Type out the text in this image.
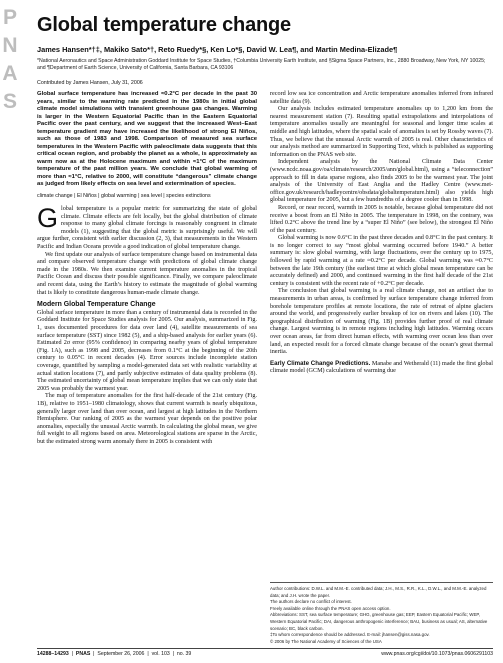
P
N
A
S
Global temperature change
James Hansen*†‡, Makiko Sato*†, Reto Ruedy*§, Ken Lo*§, David W. Lea¶, and Martin Medina-Elizade¶
*National Aeronautics and Space Administration Goddard Institute for Space Studies, †Columbia University Earth Institute, and §Sigma Space Partners, Inc., 2880 Broadway, New York, NY 10025; and ¶Department of Earth Science, University of California, Santa Barbara, CA 93106
Contributed by James Hansen, July 31, 2006
Global surface temperature has increased ≈0.2°C per decade in the past 30 years, similar to the warming rate predicted in the 1980s in initial global climate model simulations with transient greenhouse gas changes. Warming is larger in the Western Equatorial Pacific than in the Eastern Equatorial Pacific over the past century, and we suggest that the increased West–East temperature gradient may have increased the likelihood of strong El Niños, such as those of 1983 and 1998. Comparison of measured sea surface temperatures in the Western Pacific with paleoclimate data suggests that this critical ocean region, and probably the planet as a whole, is approximately as warm now as at the Holocene maximum and within ≈1°C of the maximum temperature of the past million years. We conclude that global warming of more than ≈1°C, relative to 2000, will constitute “dangerous” climate change as judged from likely effects on sea level and extermination of species.
climate change | El Niños | global warming | sea level | species extinctions

Global temperature is a popular metric for summarizing the state of global climate. Climate effects are felt locally, but the global distribution of climate response to many global climate forcings is reasonably congruent in climate models (1), suggesting that the global metric is surprisingly useful. We will argue further, consistent with earlier discussion (2, 3), that measurements in the Western Pacific and Indian Oceans provide a good indication of global temperature change.

We first update our analysis of surface temperature change based on instrumental data and compare observed temperature change with predictions of global climate change made in the 1980s. We then examine current temperature anomalies in the tropical Pacific Ocean and discuss their possible significance. Finally, we compare paleoclimate and recent data, using the Earth’s history to estimate the magnitude of global warming that is likely to constitute dangerous human-made climate change.

Modern Global Temperature Change

Global surface temperature in more than a century of instrumental data is recorded in the Goddard Institute for Space Studies analysis for 2005. Our analysis, summarized in Fig. 1, uses documented procedures for data over land (4), satellite measurements of sea surface temperature (SST) since 1982 (5), and a ship-based analysis for earlier years (6). Estimated 2σ error (95% confidence) in comparing nearby years of global temperature (Fig. 1A), such as 1998 and 2005, decreases from 0.1°C at the beginning of the 20th century to 0.05°C in recent decades (4). Error sources include incomplete station coverage, quantified by sampling a model-generated data set with realistic variability at actual station locations (7), and partly subjective estimates of data quality problems (8). The estimated uncertainty of global mean temperature implies that we can only state that 2005 was probably the warmest year.

The map of temperature anomalies for the first half-decade of the 21st century (Fig. 1B), relative to 1951–1980 climatology, shows that current warmth is nearly ubiquitous, generally larger over land than over ocean, and largest at high latitudes in the Northern Hemisphere. Our ranking of 2005 as the warmest year depends on the positive polar anomalies, especially the unusual Arctic warmth. In calculating the global mean, we give full weight to all regions based on area. Meteorological stations are sparse in the Arctic, but the estimated strong warm anomaly there in 2005 is consistent with

record low sea ice concentration and Arctic temperature anomalies inferred from infrared satellite data (9).

Our analysis includes estimated temperature anomalies up to 1,200 km from the nearest measurement station (7). Resulting spatial extrapolations and interpolations of temperature anomalies usually are meaningful for seasonal and longer time scales at middle and high latitudes, where the spatial scale of anomalies is set by Rossby waves (7). Thus, we believe that the unusual Arctic warmth of 2005 is real. Other characteristics of our analysis method are summarized in Supporting Text, which is published as supporting information on the PNAS web site.

Independent analysis by the National Climate Data Center (www.ncdc.noaa.gov/oa/climate/research/2005/ann/global.html), using a “teleconnection” approach to fill in data sparse regions, also finds 2005 to be the warmest year. The joint analysis of the University of East Anglia and the Hadley Centre (www.met-office.gov.uk/research/hadleycentre/obsdata/globaltemperature.html) also yields high global temperature for 2005, but a few hundredths of a degree cooler than in 1998.

Record, or near record, warmth in 2005 is notable, because global temperature did not receive a boost from an El Niño in 2005. The temperature in 1998, on the contrary, was lifted 0.2°C above the trend line by a “super El Niño” (see below), the strongest El Niño of the past century.

Global warming is now 0.6°C in the past three decades and 0.8°C in the past century. It is no longer correct to say “most global warming occurred before 1940.” A better summary is: slow global warming, with large fluctuations, over the century up to 1975, followed by rapid warming at a rate ≈0.2°C per decade. Global warming was ≈0.7°C between the late 19th century (the earliest time at which global mean temperature can be accurately defined) and 2000, and continued warming in the first half decade of the 21st century is consistent with the recent rate of +0.2°C per decade.

The conclusion that global warming is a real climate change, not an artifact due to measurements in urban areas, is confirmed by surface temperature change inferred from borehole temperature profiles at remote locations, the rate of retreat of alpine glaciers around the world, and progressively earlier breakup of ice on rivers and lakes (10). The geographical distribution of warming (Fig. 1B) provides further proof of real climate change. Largest warming is in remote regions including high latitudes. Warming occurs over ocean areas, far from direct human effects, with warming over ocean less than over land, an expected result for a forced climate change because of the ocean’s great thermal inertia.

Early Climate Change Predictions. Manabe and Wetherald (11) made the first global climate model (GCM) calculations of warming due

Author contributions: D.W.L. and M.M.-E. contributed data; J.H., M.S., R.R., K.L., D.W.L., and M.M.-E. analyzed data; and J.H. wrote the paper.
The authors declare no conflict of interest.
Freely available online through the PNAS open access option.
Abbreviations: SST, sea surface temperature; GHG, greenhouse gas; EEP, Eastern Equatorial Pacific; WEP, Western Equatorial Pacific; DAI, dangerous anthropogenic interference; BAU, business as usual; AS, alternative scenario; BC, black carbon.
‡To whom correspondence should be addressed. E-mail: jhansen@giss.nasa.gov.
© 2006 by The National Academy of Sciences of the USA
14288–14293  |  PNAS  |  September 26, 2006  |  vol. 103  |  no. 39	www.pnas.org/cgi/doi/10.1073/pnas.0606291103
